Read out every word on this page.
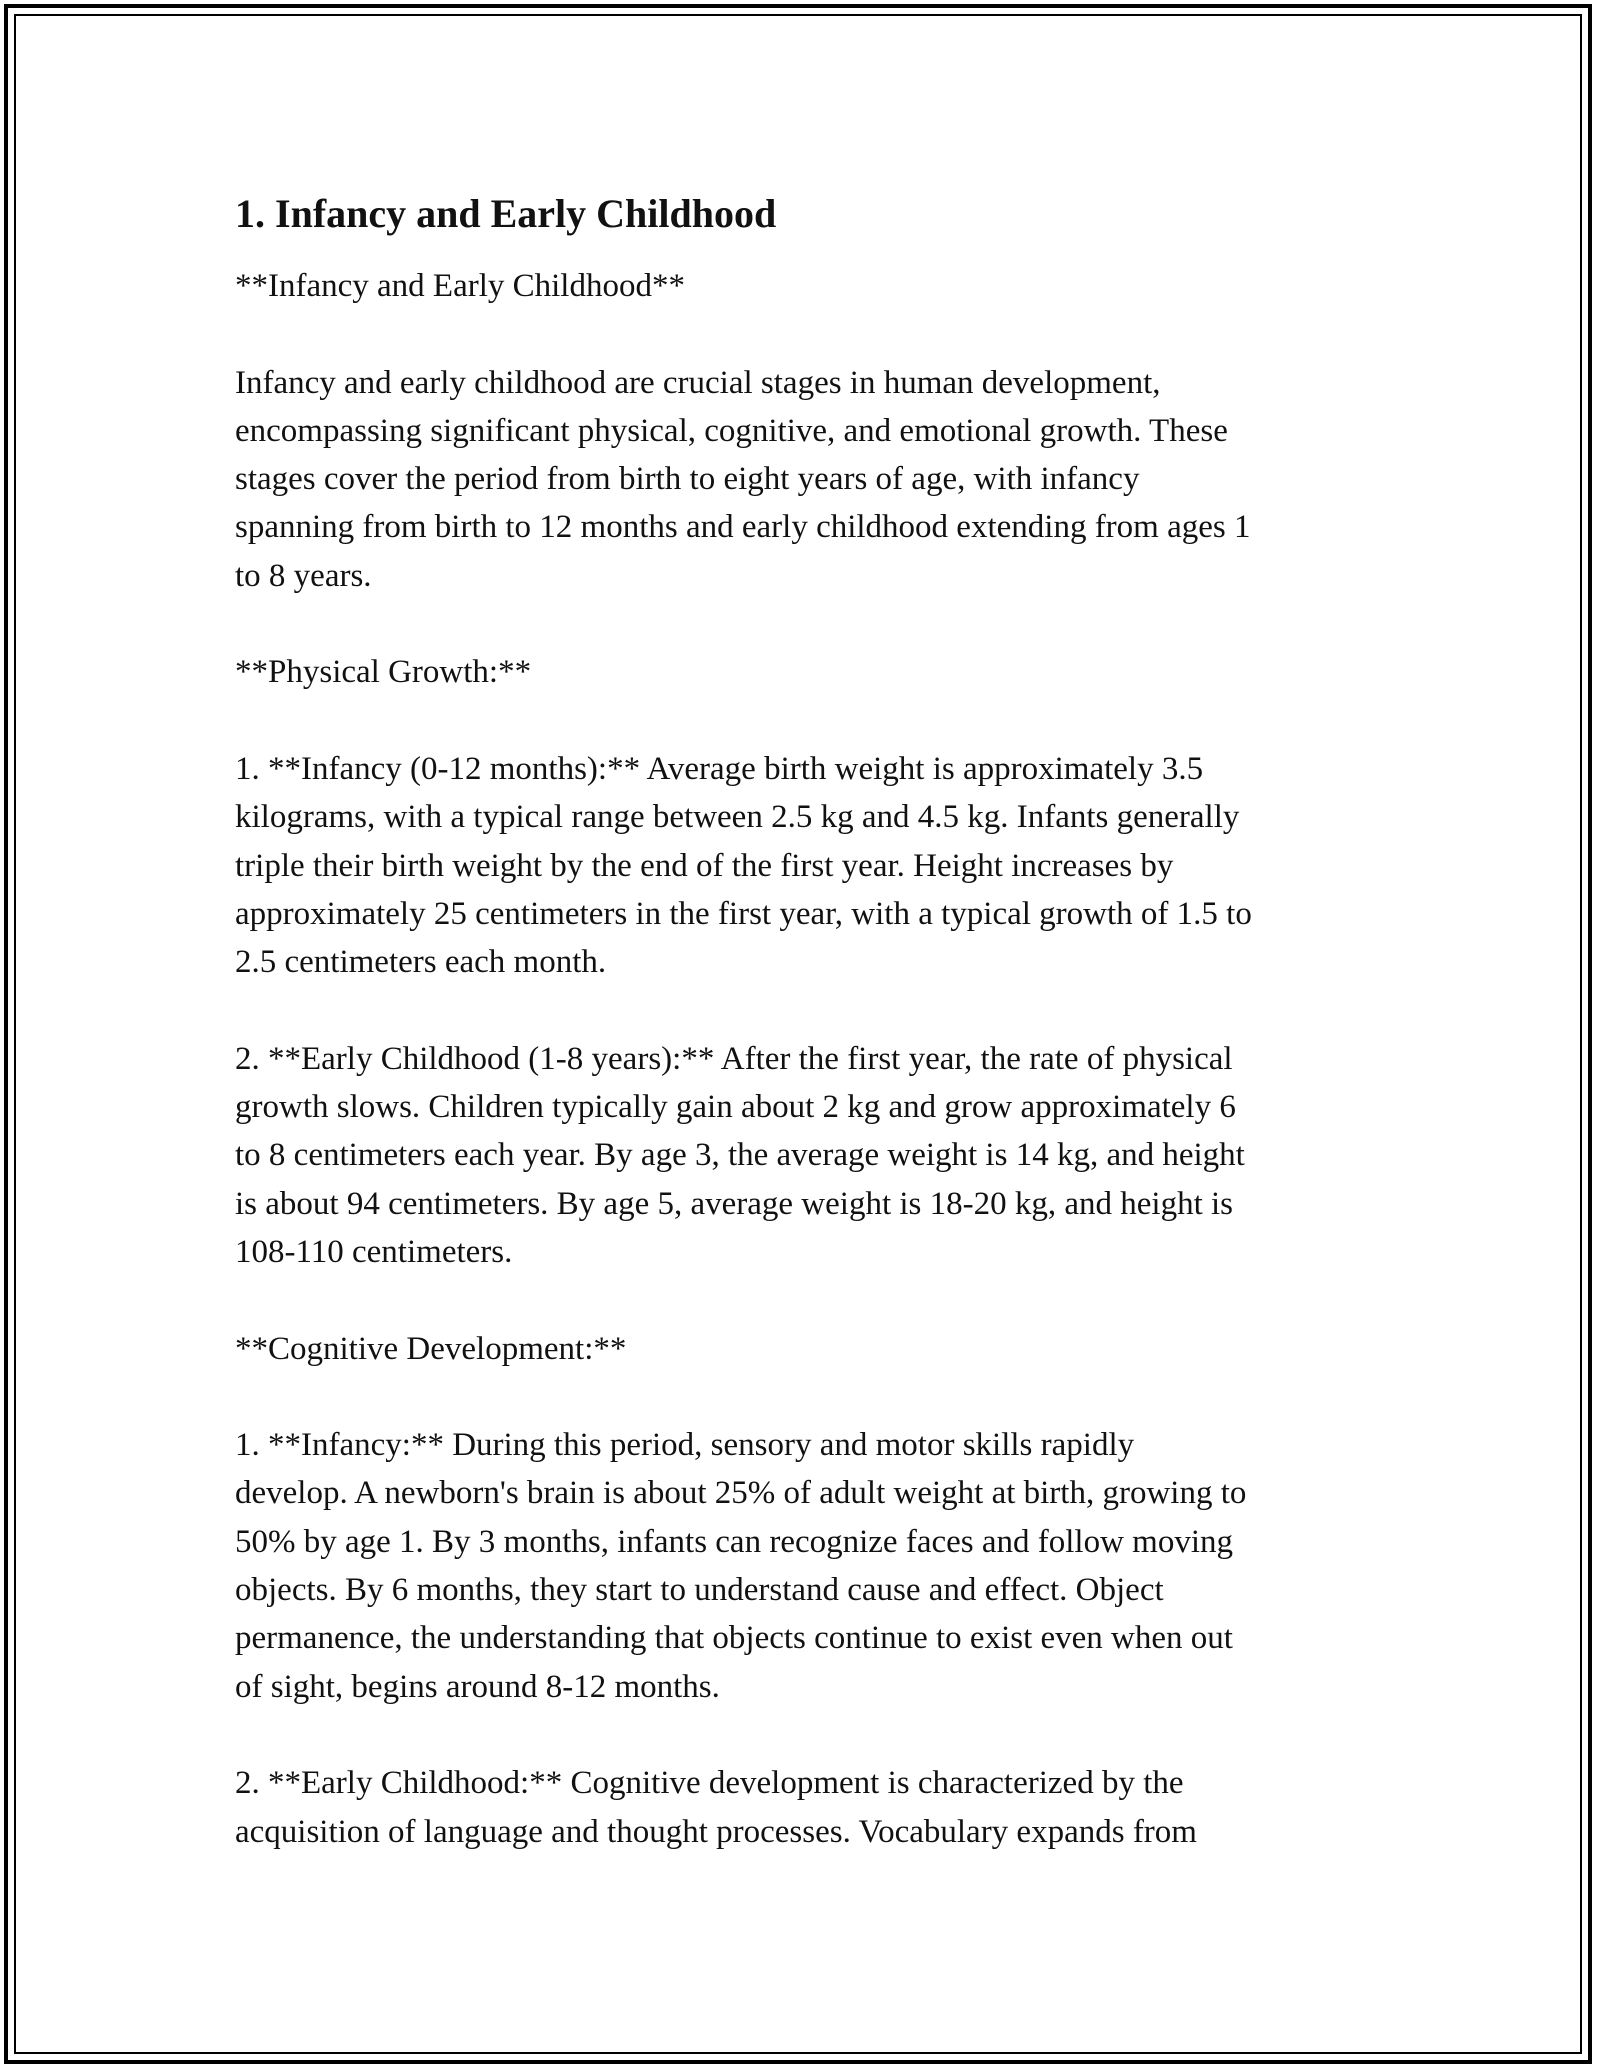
1. Infancy and Early Childhood

**Infancy and Early Childhood**

Infancy and early childhood are crucial stages in human development,
encompassing significant physical, cognitive, and emotional growth. These
stages cover the period from birth to eight years of age, with infancy
spanning from birth to 12 months and early childhood extending from ages 1
to 8 years.

**Physical Growth:**

1. **Infancy (0-12 months):** Average birth weight is approximately 3.5
kilograms, with a typical range between 2.5 kg and 4.5 kg. Infants generally
triple their birth weight by the end of the first year. Height increases by
approximately 25 centimeters in the first year, with a typical growth of 1.5 to
2.5 centimeters each month.

2. **Early Childhood (1-8 years):** After the first year, the rate of physical
growth slows. Children typically gain about 2 kg and grow approximately 6
to 8 centimeters each year. By age 3, the average weight is 14 kg, and height
is about 94 centimeters. By age 5, average weight is 18-20 kg, and height is
108-110 centimeters.

**Cognitive Development:**

1. **Infancy:** During this period, sensory and motor skills rapidly
develop. A newborn's brain is about 25% of adult weight at birth, growing to
50% by age 1. By 3 months, infants can recognize faces and follow moving
objects. By 6 months, they start to understand cause and effect. Object
permanence, the understanding that objects continue to exist even when out
of sight, begins around 8-12 months.

2. **Early Childhood:** Cognitive development is characterized by the
acquisition of language and thought processes. Vocabulary expands from
